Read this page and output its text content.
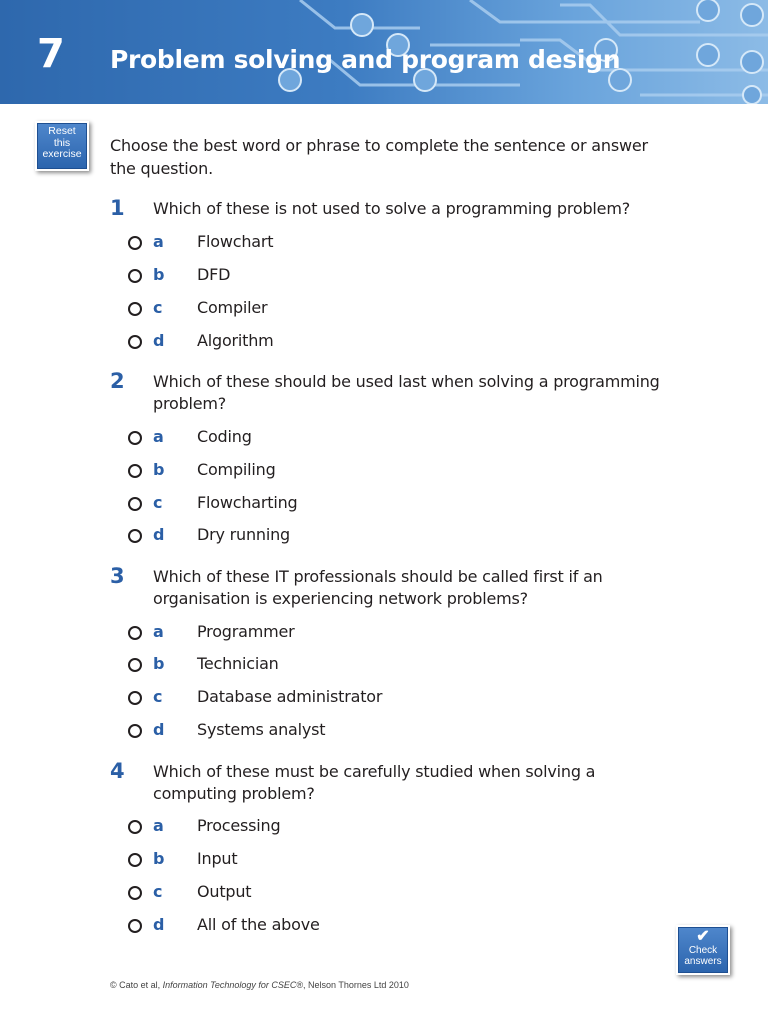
7 Problem solving and program design
Reset
this
exercise	Choose the best word or phrase to complete the sentence or answer the question.
1 Which of these is not used to solve a programming problem?
a Flowchart
b DFD
c Compiler
d Algorithm
2 Which of these should be used last when solving a programming problem?
a Coding
b Compiling
c Flowcharting
d Dry running
3 Which of these IT professionals should be called first if an organisation is experiencing network problems?
a Programmer
b Technician
c Database administrator
d Systems analyst
4 Which of these must be carefully studied when solving a computing problem?
a Processing
b Input
c Output
d All of the above
✔
Check
answers
© Cato et al, Information Technology for CSEC®, Nelson Thornes Ltd 2010
